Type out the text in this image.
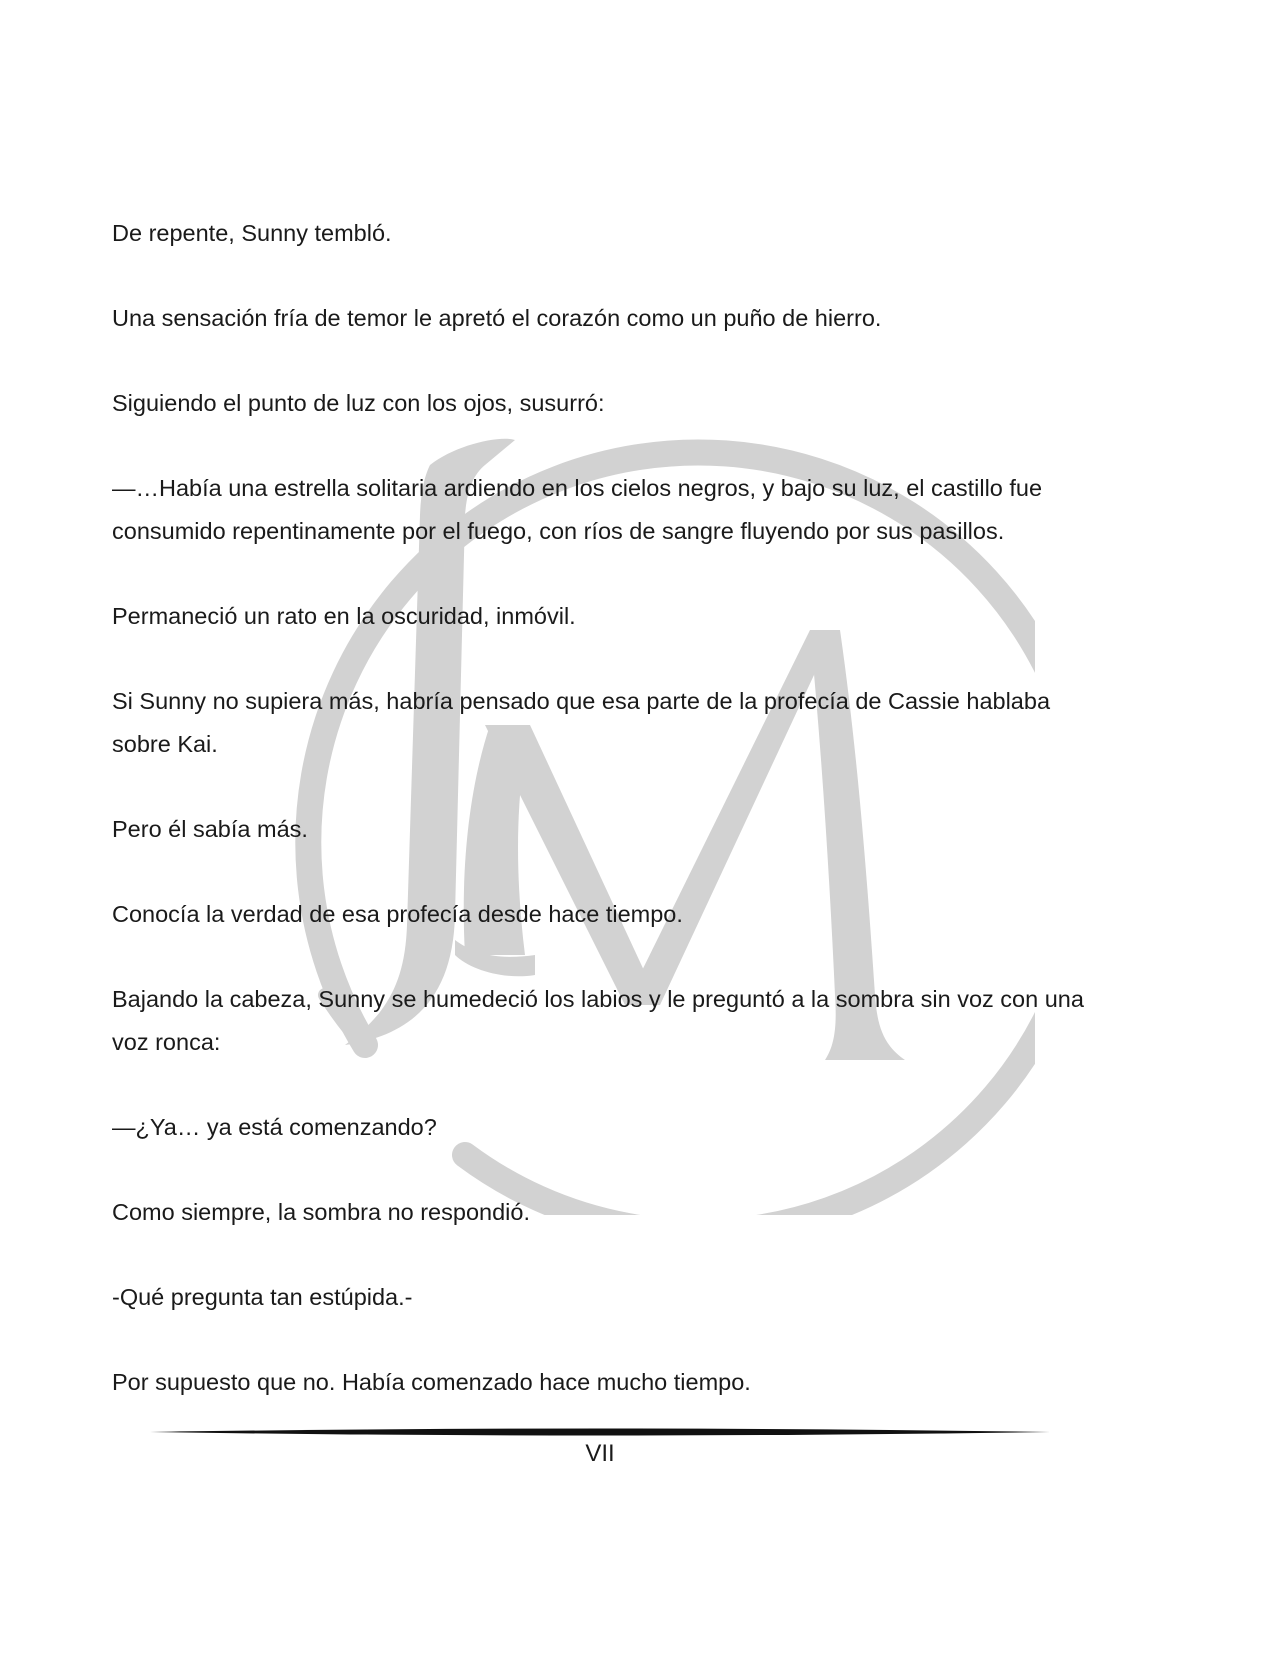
De repente, Sunny tembló.

Una sensación fría de temor le apretó el corazón como un puño de hierro.

Siguiendo el punto de luz con los ojos, susurró:

—…Había una estrella solitaria ardiendo en los cielos negros, y bajo su luz, el castillo fue consumido repentinamente por el fuego, con ríos de sangre fluyendo por sus pasillos.

Permaneció un rato en la oscuridad, inmóvil.

Si Sunny no supiera más, habría pensado que esa parte de la profecía de Cassie hablaba sobre Kai.

Pero él sabía más.

Conocía la verdad de esa profecía desde hace tiempo.

Bajando la cabeza, Sunny se humedeció los labios y le preguntó a la sombra sin voz con una voz ronca:

—¿Ya… ya está comenzando?

Como siempre, la sombra no respondió.

-Qué pregunta tan estúpida.-

Por supuesto que no. Había comenzado hace mucho tiempo.

VII
